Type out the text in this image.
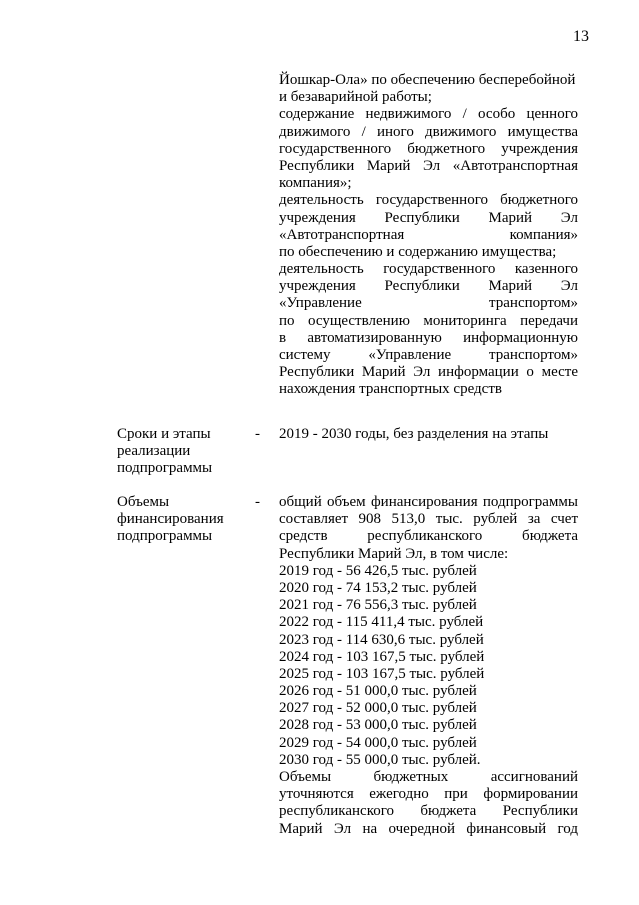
13
Йошкар-Ола» по обеспечению бесперебойной
и безаварийной работы;
содержание недвижимого / особо ценного
движимого / иного движимого имущества
государственного бюджетного учреждения
Республики Марий Эл «Автотранспортная
компания»;
деятельность государственного бюджетного
учреждения Республики Марий Эл
«Автотранспортная компания»
по обеспечению и содержанию имущества;
деятельность государственного казенного
учреждения Республики Марий Эл
«Управление транспортом»
по осуществлению мониторинга передачи
в автоматизированную информационную
систему «Управление транспортом»
Республики Марий Эл информации о месте
нахождения транспортных средств
Сроки и этапы
реализации
подпрограммы
- 2019 - 2030 годы, без разделения на этапы
Объемы
финансирования
подпрограммы
- общий объем финансирования подпрограммы
составляет 908 513,0 тыс. рублей за счет
средств республиканского бюджета
Республики Марий Эл, в том числе:
2019 год - 56 426,5 тыс. рублей
2020 год - 74 153,2 тыс. рублей
2021 год - 76 556,3 тыс. рублей
2022 год - 115 411,4 тыс. рублей
2023 год - 114 630,6 тыс. рублей
2024 год - 103 167,5 тыс. рублей
2025 год - 103 167,5 тыс. рублей
2026 год - 51 000,0 тыс. рублей
2027 год - 52 000,0 тыс. рублей
2028 год - 53 000,0 тыс. рублей
2029 год - 54 000,0 тыс. рублей
2030 год - 55 000,0 тыс. рублей.
Объемы бюджетных ассигнований
уточняются ежегодно при формировании
республиканского бюджета Республики
Марий Эл на очередной финансовый год
